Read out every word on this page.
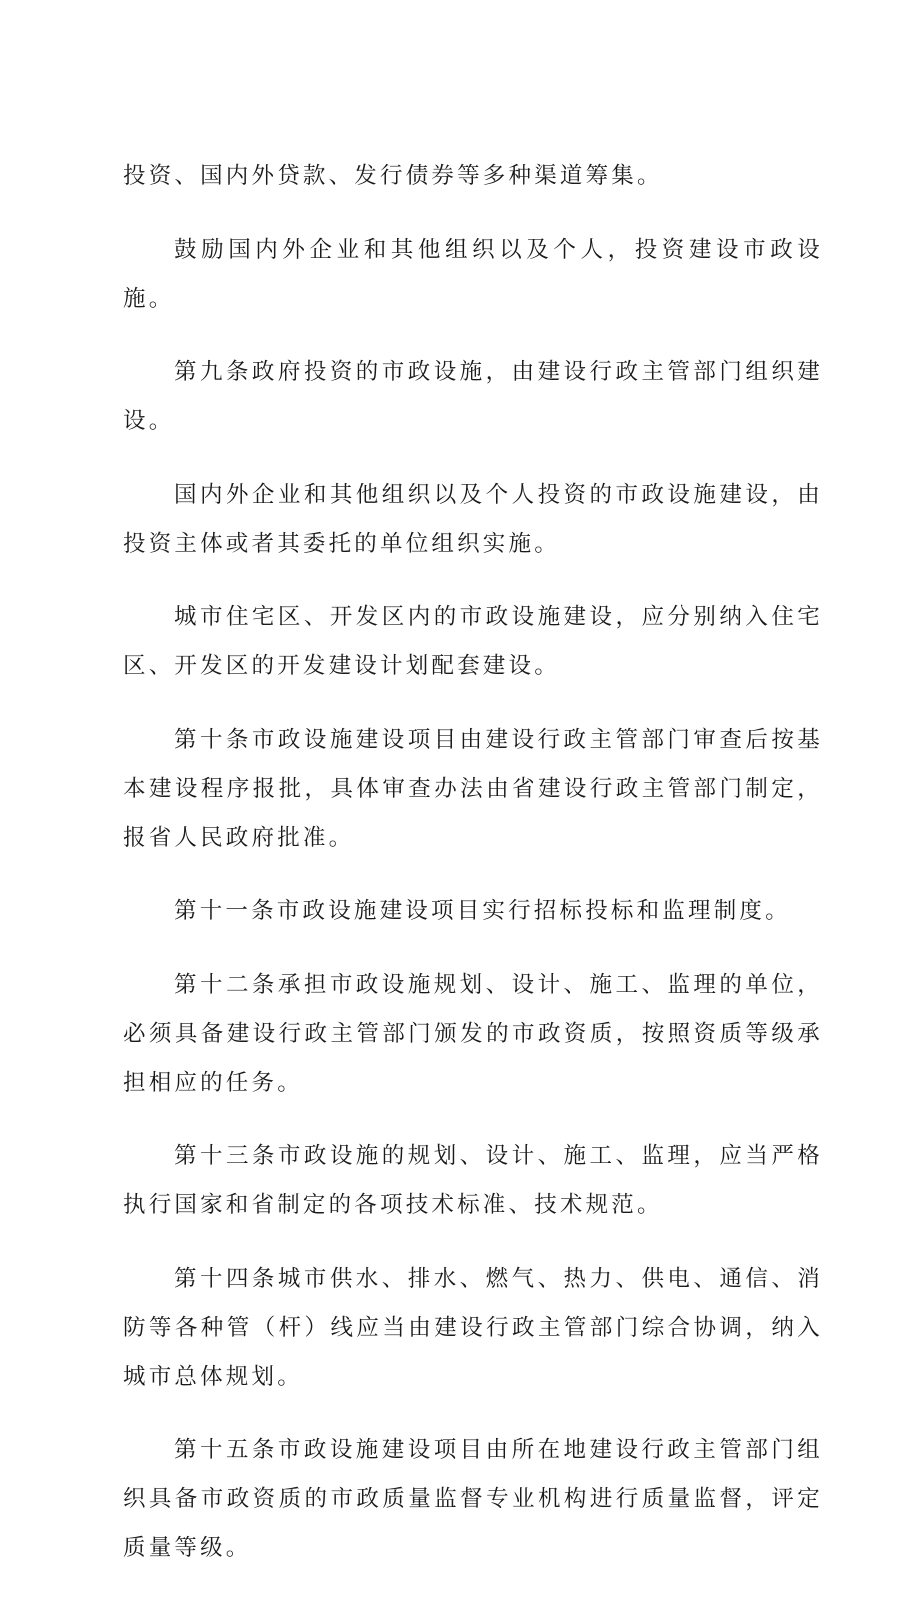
投资、国内外贷款、发行债券等多种渠道筹集。

鼓励国内外企业和其他组织以及个人，投资建设市政设施。

第九条政府投资的市政设施，由建设行政主管部门组织建设。

国内外企业和其他组织以及个人投资的市政设施建设，由投资主体或者其委托的单位组织实施。

城市住宅区、开发区内的市政设施建设，应分别纳入住宅区、开发区的开发建设计划配套建设。

第十条市政设施建设项目由建设行政主管部门审查后按基本建设程序报批，具体审查办法由省建设行政主管部门制定，报省人民政府批准。

第十一条市政设施建设项目实行招标投标和监理制度。

第十二条承担市政设施规划、设计、施工、监理的单位，必须具备建设行政主管部门颁发的市政资质，按照资质等级承担相应的任务。

第十三条市政设施的规划、设计、施工、监理，应当严格执行国家和省制定的各项技术标准、技术规范。

第十四条城市供水、排水、燃气、热力、供电、通信、消防等各种管（杆）线应当由建设行政主管部门综合协调，纳入城市总体规划。

第十五条市政设施建设项目由所在地建设行政主管部门组织具备市政资质的市政质量监督专业机构进行质量监督，评定质量等级。
